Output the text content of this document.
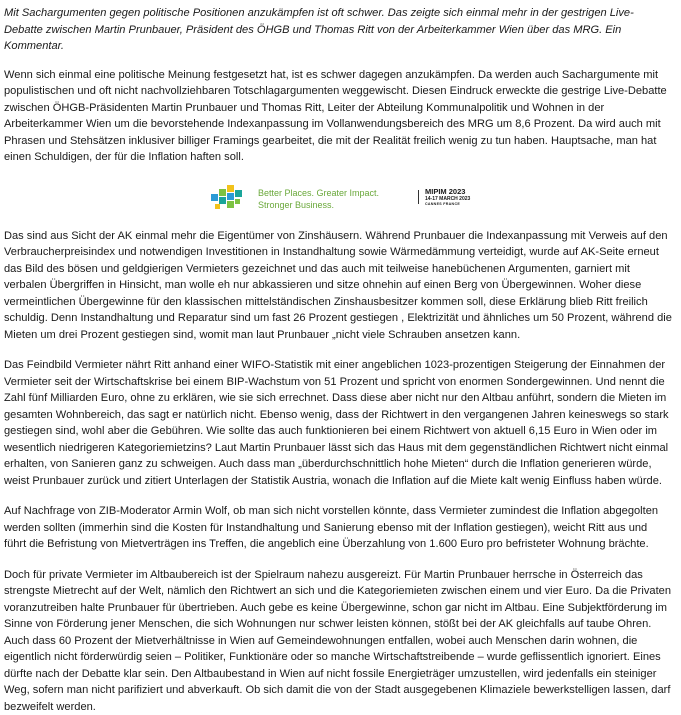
Mit Sachargumenten gegen politische Positionen anzukämpfen ist oft schwer. Das zeigte sich einmal mehr in der gestrigen Live-Debatte zwischen Martin Prunbauer, Präsident des ÖHGB und Thomas Ritt von der Arbeiterkammer Wien über das MRG. Ein Kommentar.

Wenn sich einmal eine politische Meinung festgesetzt hat, ist es schwer dagegen anzukämpfen. Da werden auch Sachargumente mit populistischen und oft nicht nachvollziehbaren Totschlagargumenten weggewischt. Diesen Eindruck erweckte die gestrige Live-Debatte zwischen ÖHGB-Präsidenten Martin Prunbauer und Thomas Ritt, Leiter der Abteilung Kommunalpolitik und Wohnen in der Arbeiterkammer Wien um die bevorstehende Indexanpassung im Vollanwendungsbereich des MRG um 8,6 Prozent. Da wird auch mit Phrasen und Stehsätzen inklusiver billiger Framings gearbeitet, die mit der Realität freilich wenig zu tun haben. Hauptsache, man hat einen Schuldigen, der für die Inflation haften soll.

Better Places. Greater Impact.
Stronger Business.
MIPIM 2023
14-17 MARCH 2023
CANNES FRANCE

Das sind aus Sicht der AK einmal mehr die Eigentümer von Zinshäusern. Während Prunbauer die Indexanpassung mit Verweis auf den Verbraucherpreisindex und notwendigen Investitionen in Instandhaltung sowie Wärmedämmung verteidigt, wurde auf AK-Seite erneut das Bild des bösen und geldgierigen Vermieters gezeichnet und das auch mit teilweise hanebüchenen Argumenten, garniert mit verbalen Übergriffen in Hinsicht, man wolle eh nur abkassieren und sitze ohnehin auf einen Berg von Übergewinnen. Woher diese vermeintlichen Übergewinne für den klassischen mittelständischen Zinshausbesitzer kommen soll, diese Erklärung blieb Ritt freilich schuldig. Denn Instandhaltung und Reparatur sind um fast 26 Prozent gestiegen , Elektrizität und ähnliches um 50 Prozent, während die Mieten um drei Prozent gestiegen sind, womit man laut Prunbauer „nicht viele Schrauben ansetzen kann.

Das Feindbild Vermieter nährt Ritt anhand einer WIFO-Statistik mit einer angeblichen 1023-prozentigen Steigerung der Einnahmen der Vermieter seit der Wirtschaftskrise bei einem BIP-Wachstum von 51 Prozent und spricht von enormen Sondergewinnen. Und nennt die Zahl fünf Milliarden Euro, ohne zu erklären, wie sie sich errechnet. Dass diese aber nicht nur den Altbau anführt, sondern die Mieten im gesamten Wohnbereich, das sagt er natürlich nicht. Ebenso wenig, dass der Richtwert in den vergangenen Jahren keineswegs so stark gestiegen sind, wohl aber die Gebühren. Wie sollte das auch funktionieren bei einem Richtwert von aktuell 6,15 Euro in Wien oder im wesentlich niedrigeren Kategoriemietzins? Laut Martin Prunbauer lässt sich das Haus mit dem gegenständlichen Richtwert nicht einmal erhalten, von Sanieren ganz zu schweigen. Auch dass man „überdurchschnittlich hohe Mieten“ durch die Inflation generieren würde, weist Prunbauer zurück und zitiert Unterlagen der Statistik Austria, wonach die Inflation auf die Miete kalt wenig Einfluss haben würde.

Auf Nachfrage von ZIB-Moderator Armin Wolf, ob man sich nicht vorstellen könnte, dass Vermieter zumindest die Inflation abgegolten werden sollten (immerhin sind die Kosten für Instandhaltung und Sanierung ebenso mit der Inflation gestiegen), weicht Ritt aus und führt die Befristung von Mietverträgen ins Treffen, die angeblich eine Überzahlung von 1.600 Euro pro befristeter Wohnung brächte.

Doch für private Vermieter im Altbaubereich ist der Spielraum nahezu ausgereizt. Für Martin Prunbauer herrsche in Österreich das strengste Mietrecht auf der Welt, nämlich den Richtwert an sich und die Kategoriemieten zwischen einem und vier Euro. Da die Privaten voranzutreiben halte Prunbauer für übertrieben. Auch gebe es keine Übergewinne, schon gar nicht im Altbau. Eine Subjektförderung im Sinne von Förderung jener Menschen, die sich Wohnungen nur schwer leisten können, stößt bei der AK gleichfalls auf taube Ohren. Auch dass 60 Prozent der Mietverhältnisse in Wien auf Gemeindewohnungen entfallen, wobei auch Menschen darin wohnen, die eigentlich nicht förderwürdig seien – Politiker, Funktionäre oder so manche Wirtschaftstreibende – wurde geflissentlich ignoriert. Eines dürfte nach der Debatte klar sein. Den Altbaubestand in Wien auf nicht fossile Energieträger umzustellen, wird jedenfalls ein steiniger Weg, sofern man nicht parifiziert und abverkauft. Ob sich damit die von der Stadt ausgegebenen Klimaziele bewerkstelligen lassen, darf bezweifelt werden.
